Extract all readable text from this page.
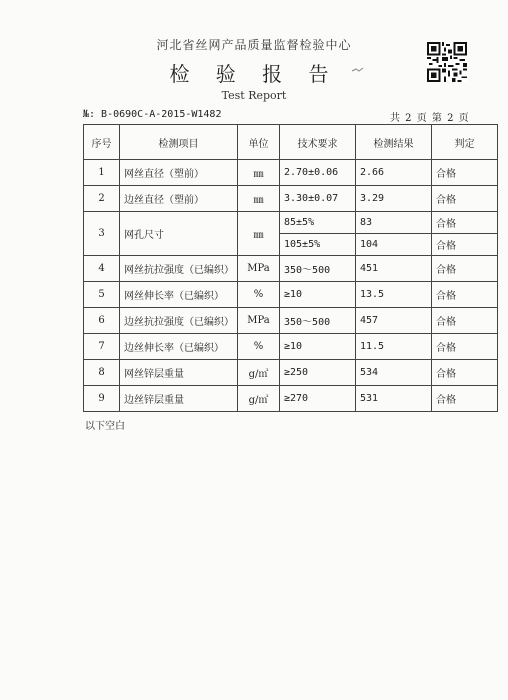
河北省丝网产品质量监督检验中心
检 验 报 告
Test Report
№: B-0690C-A-2015-W1482	共 2 页 第 2 页
序号	检测项目	单位	技术要求	检测结果	判定
1	网丝直径（塑前）	㎜	2.70±0.06	2.66	合格
2	边丝直径（塑前）	㎜	3.30±0.07	3.29	合格
3	网孔尺寸	㎜	85±5%	83	合格
			105±5%	104	合格
4	网丝抗拉强度（已编织）	MPa	350～500	451	合格
5	网丝伸长率（已编织）	%	≥10	13.5	合格
6	边丝抗拉强度（已编织）	MPa	350～500	457	合格
7	边丝伸长率（已编织）	%	≥10	11.5	合格
8	网丝锌层重量	g/㎡	≥250	534	合格
9	边丝锌层重量	g/㎡	≥270	531	合格
以下空白
